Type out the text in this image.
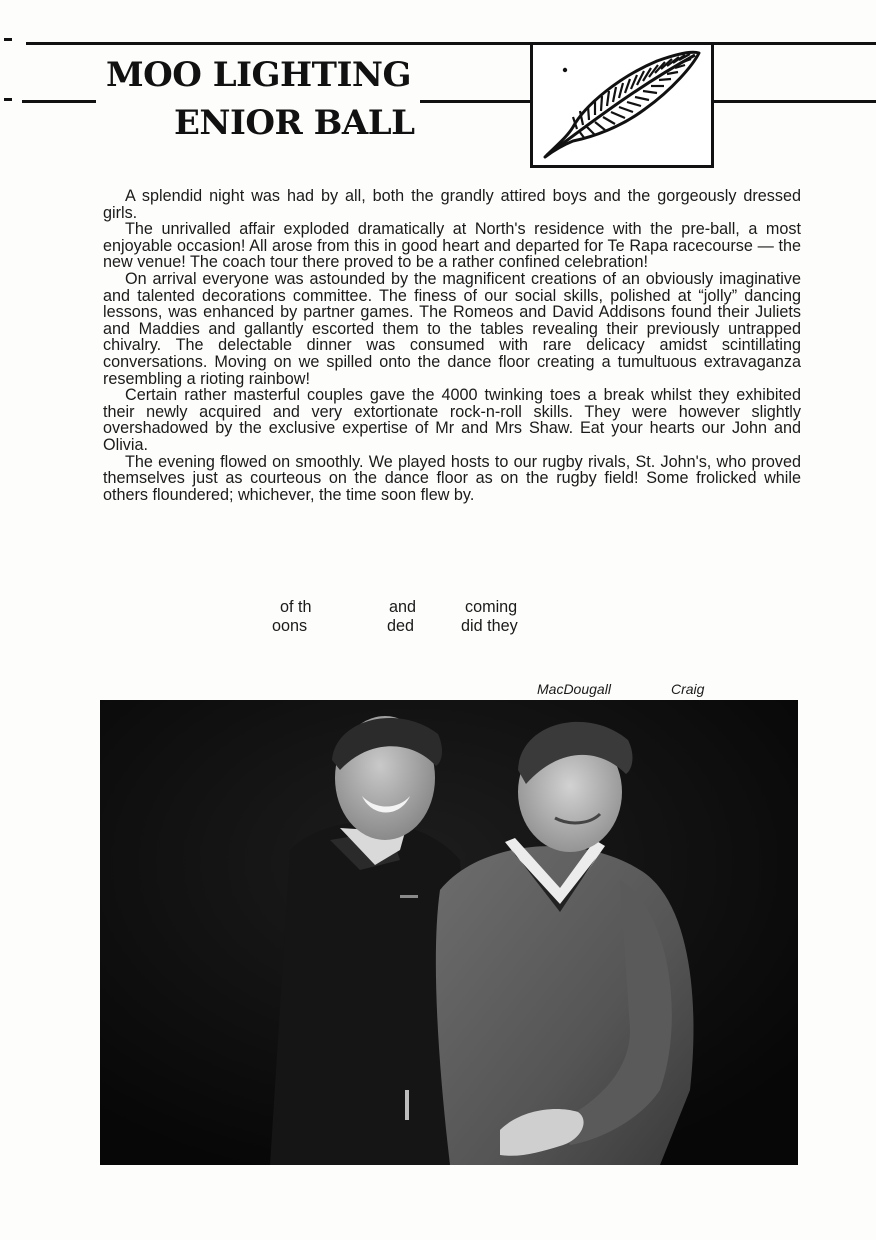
MOO LIGHTING
ENIOR BALL

A splendid night was had by all, both the grandly attired boys and the gorgeously dressed girls.

The unrivalled affair exploded dramatically at North's residence with the pre-ball, a most enjoyable occasion! All arose from this in good heart and departed for Te Rapa racecourse — the new venue! The coach tour there proved to be a rather confined celebration!

On arrival everyone was astounded by the magnificent creations of an obviously imaginative and talented decorations committee. The finess of our social skills, polished at “jolly” dancing lessons, was enhanced by partner games. The Romeos and David Addisons found their Juliets and Maddies and gallantly escorted them to the tables revealing their previously untrapped chivalry. The delectable dinner was consumed with rare delicacy amidst scintillating conversations. Moving on we spilled onto the dance floor creating a tumultuous extravaganza resembling a rioting rainbow!

Certain rather masterful couples gave the 4000 twinking toes a break whilst they exhibited their newly acquired and very extortionate rock-n-roll skills. They were however slightly overshadowed by the exclusive expertise of Mr and Mrs Shaw. Eat your hearts our John and Olivia.

The evening flowed on smoothly. We played hosts to our rugby rivals, St. John's, who proved themselves just as courteous on the dance floor as on the rugby field! Some frolicked while others floundered; whichever, the time soon flew by.

of th	and	coming
oons	ded	did they
MacDougall	Craig
